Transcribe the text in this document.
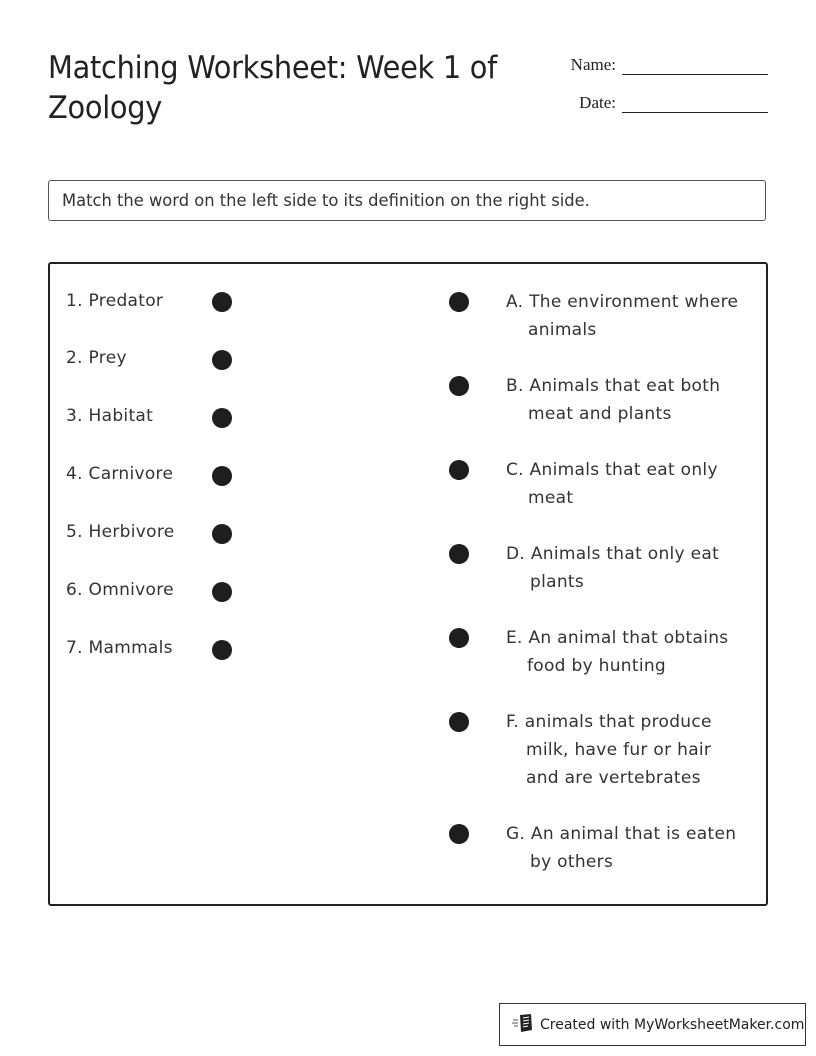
Matching Worksheet: Week 1 of Zoology
Name:
Date:
Match the word on the left side to its definition on the right side.
1. Predator
2. Prey
3. Habitat
4. Carnivore
5. Herbivore
6. Omnivore
7. Mammals
A. The environment where
animals
B. Animals that eat both
meat and plants
C. Animals that eat only
meat
D. Animals that only eat
plants
E. An animal that obtains
food by hunting
F. animals that produce
milk, have fur or hair
and are vertebrates
G. An animal that is eaten
by others
Created with MyWorksheetMaker.com
